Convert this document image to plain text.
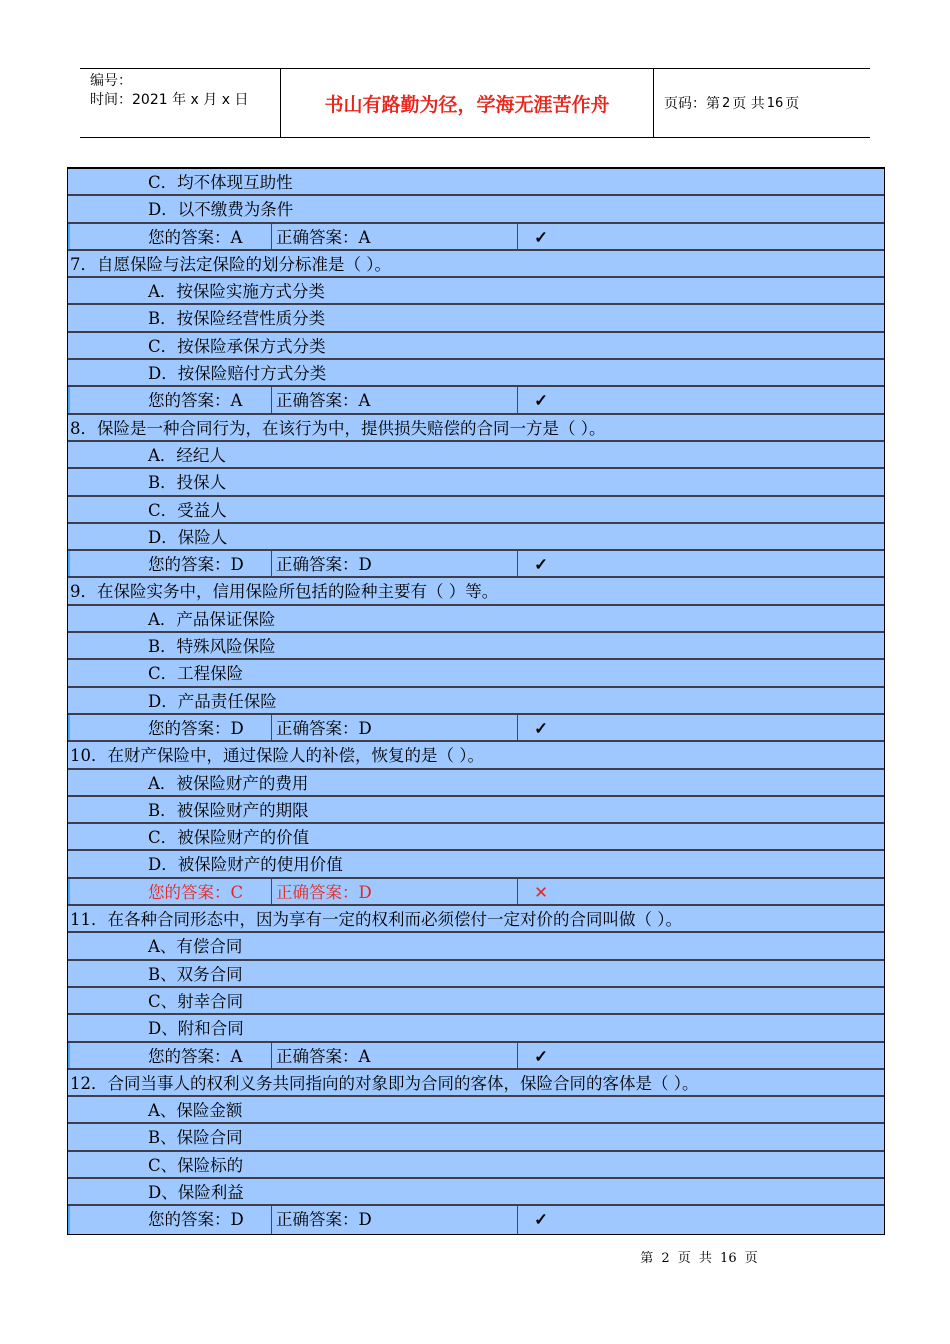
编号：
时间：2021 年 x 月 x 日	书山有路勤为径，学海无涯苦作舟	页码：第 2 页 共 16 页
C．均不体现互助性
D．以不缴费为条件
您的答案：A	正确答案：A	✓
7．自愿保险与法定保险的划分标准是（ ）。
A．按保险实施方式分类
B．按保险经营性质分类
C．按保险承保方式分类
D．按保险赔付方式分类
您的答案：A	正确答案：A	✓
8．保险是一种合同行为，在该行为中，提供损失赔偿的合同一方是（ ）。
A．经纪人
B．投保人
C．受益人
D．保险人
您的答案：D	正确答案：D	✓
9．在保险实务中，信用保险所包括的险种主要有（ ）等。
A．产品保证保险
B．特殊风险保险
C．工程保险
D．产品责任保险
您的答案：D	正确答案：D	✓
10．在财产保险中，通过保险人的补偿，恢复的是（ ）。
A．被保险财产的费用
B．被保险财产的期限
C．被保险财产的价值
D．被保险财产的使用价值
您的答案：C	正确答案：D	✕
11．在各种合同形态中，因为享有一定的权利而必须偿付一定对价的合同叫做（ ）。
A、有偿合同
B、双务合同
C、射幸合同
D、附和合同
您的答案：A	正确答案：A	✓
12．合同当事人的权利义务共同指向的对象即为合同的客体，保险合同的客体是（ ）。
A、保险金额
B、保险合同
C、保险标的
D、保险利益
您的答案：D	正确答案：D	✓
第 2 页 共 16 页
